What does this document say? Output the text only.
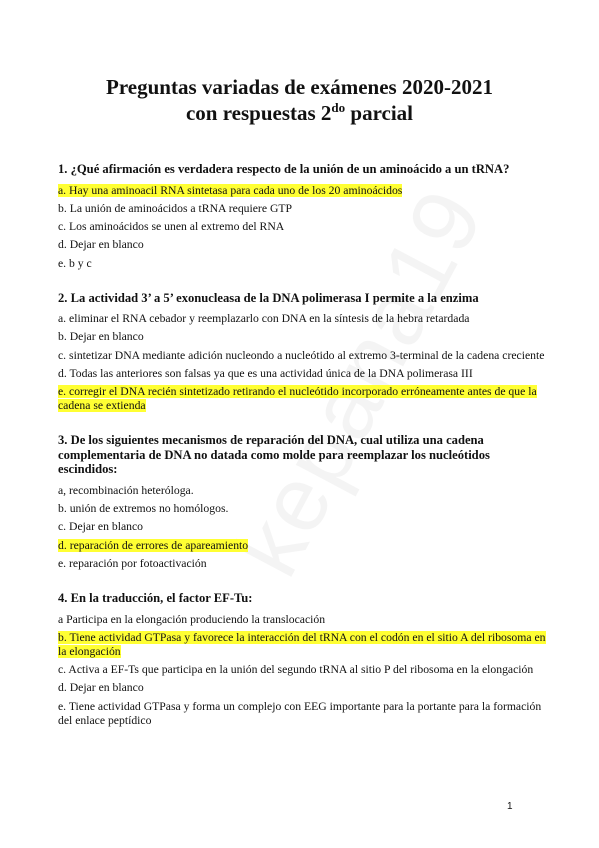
Preguntas variadas de exámenes 2020-2021
con respuestas $2^{do}$ parcial

1. ¿Qué afirmación es verdadera respecto de la unión de un aminoácido a un tRNA?

a. Hay una aminoacil RNA sintetasa para cada uno de los 20 aminoácidos

b. La unión de aminoácidos a tRNA requiere GTP

c. Los aminoácidos se unen al extremo del RNA

d. Dejar en blanco

e. b y c

2. La actividad 3’ a 5’ exonucleasa de la DNA polimerasa I permite a la enzima

a. eliminar el RNA cebador y reemplazarlo con DNA en la síntesis de la hebra retardada

b. Dejar en blanco

c. sintetizar DNA mediante adición nucleondo a nucleótido al extremo 3-terminal de la cadena creciente

d. Todas las anteriores son falsas ya que es una actividad única de la DNA polimerasa III

e. corregir el DNA recién sintetizado retirando el nucleótido incorporado erróneamente antes de que la cadena se extienda

3. De los siguientes mecanismos de reparación del DNA, cual utiliza una cadena complementaria de DNA no datada como molde para reemplazar los nucleótidos escindidos:

a, recombinación heteróloga.

b. unión de extremos no homólogos.

c. Dejar en blanco

d. reparación de errores de apareamiento

e. reparación por fotoactivación

4. En la traducción, el factor EF-Tu:

a Participa en la elongación produciendo la translocación

b. Tiene actividad GTPasa y favorece la interacción del tRNA con el codón en el sitio A del ribosoma en la elongación

c. Activa a EF-Ts que participa en la unión del segundo tRNA al sitio P del ribosoma en la elongación

d. Dejar en blanco

e. Tiene actividad GTPasa y forma un complejo con EEG importante para la portante para la formación del enlace peptídico

1
